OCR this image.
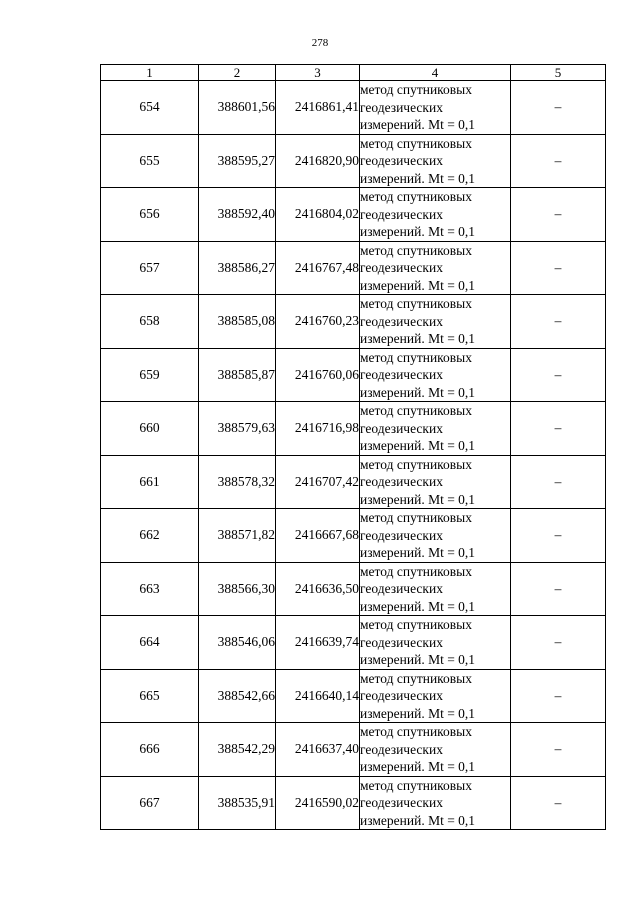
278
1	2	3	4	5
654	388601,56	2416861,41	метод спутниковых
геодезических
измерений. Mt = 0,1	–
655	388595,27	2416820,90	метод спутниковых
геодезических
измерений. Mt = 0,1	–
656	388592,40	2416804,02	метод спутниковых
геодезических
измерений. Mt = 0,1	–
657	388586,27	2416767,48	метод спутниковых
геодезических
измерений. Mt = 0,1	–
658	388585,08	2416760,23	метод спутниковых
геодезических
измерений. Mt = 0,1	–
659	388585,87	2416760,06	метод спутниковых
геодезических
измерений. Mt = 0,1	–
660	388579,63	2416716,98	метод спутниковых
геодезических
измерений. Mt = 0,1	–
661	388578,32	2416707,42	метод спутниковых
геодезических
измерений. Mt = 0,1	–
662	388571,82	2416667,68	метод спутниковых
геодезических
измерений. Mt = 0,1	–
663	388566,30	2416636,50	метод спутниковых
геодезических
измерений. Mt = 0,1	–
664	388546,06	2416639,74	метод спутниковых
геодезических
измерений. Mt = 0,1	–
665	388542,66	2416640,14	метод спутниковых
геодезических
измерений. Mt = 0,1	–
666	388542,29	2416637,40	метод спутниковых
геодезических
измерений. Mt = 0,1	–
667	388535,91	2416590,02	метод спутниковых
геодезических
измерений. Mt = 0,1	–
